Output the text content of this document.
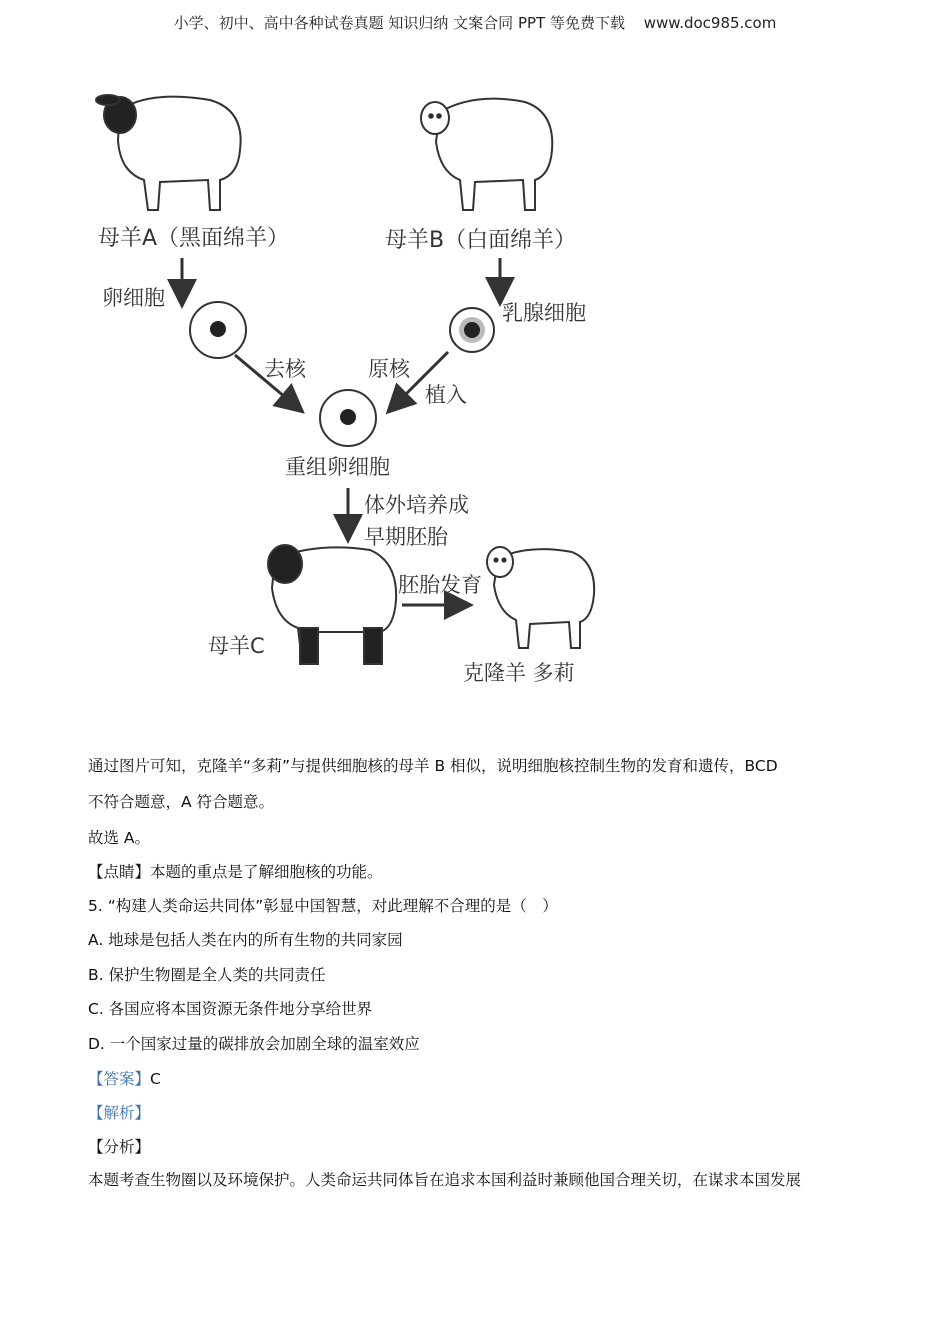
小学、初中、高中各种试卷真题 知识归纳 文案合同 PPT 等免费下载 www.doc985.com
母羊A（黑面绵羊）	母羊B（白面绵羊）
卵细胞
乳腺细胞
去核	原核
植入
重组卵细胞
体外培养成
早期胚胎
母羊C
胚胎发育
克隆羊 多莉
通过图片可知，克隆羊“多莉”与提供细胞核的母羊 B 相似，说明细胞核控制生物的发育和遗传，BCD
不符合题意，A 符合题意。
故选 A。
【点睛】本题的重点是了解细胞核的功能。
5. “构建人类命运共同体”彰显中国智慧，对此理解不合理的是（　）
A. 地球是包括人类在内的所有生物的共同家园
B. 保护生物圈是全人类的共同责任
C. 各国应将本国资源无条件地分享给世界
D. 一个国家过量的碳排放会加剧全球的温室效应
【答案】C
【解析】
【分析】
本题考查生物圈以及环境保护。人类命运共同体旨在追求本国利益时兼顾他国合理关切，在谋求本国发展
